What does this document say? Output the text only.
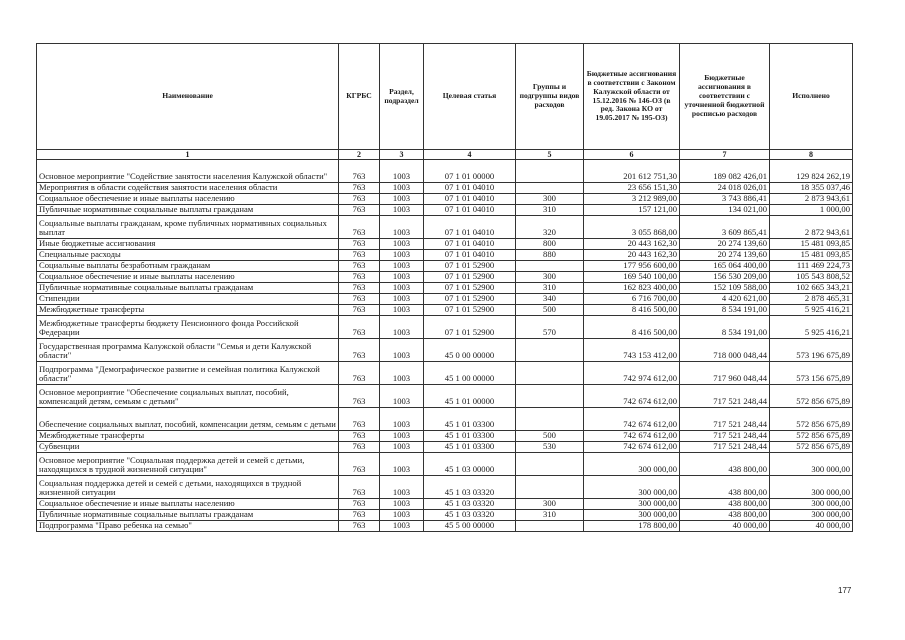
Наименование	КГРБС	Раздел, подраздел	Целевая статья	Группы и подгруппы видов расходов	Бюджетные ассигнования в соответствии с Законом Калужской области от 15.12.2016 № 146-ОЗ (в ред. Закона КО от 19.05.2017 № 195-ОЗ)	Бюджетные ассигнования в соответствии с уточненной бюджетной росписью расходов	Исполнено
1	2	3	4	5	6	7	8
Основное мероприятие "Содействие занятости населения Калужской области"	763	1003	07 1 01 00000		201 612 751,30	189 082 426,01	129 824 262,19
Мероприятия в области содействия занятости населения области	763	1003	07 1 01 04010		23 656 151,30	24 018 026,01	18 355 037,46
Социальное обеспечение и иные выплаты населению	763	1003	07 1 01 04010	300	3 212 989,00	3 743 886,41	2 873 943,61
Публичные нормативные социальные выплаты гражданам	763	1003	07 1 01 04010	310	157 121,00	134 021,00	1 000,00
Социальные выплаты гражданам, кроме публичных нормативных социальных выплат	763	1003	07 1 01 04010	320	3 055 868,00	3 609 865,41	2 872 943,61
Иные бюджетные ассигнования	763	1003	07 1 01 04010	800	20 443 162,30	20 274 139,60	15 481 093,85
Специальные расходы	763	1003	07 1 01 04010	880	20 443 162,30	20 274 139,60	15 481 093,85
Социальные выплаты безработным гражданам	763	1003	07 1 01 52900		177 956 600,00	165 064 400,00	111 469 224,73
Социальное обеспечение и иные выплаты населению	763	1003	07 1 01 52900	300	169 540 100,00	156 530 209,00	105 543 808,52
Публичные нормативные социальные выплаты гражданам	763	1003	07 1 01 52900	310	162 823 400,00	152 109 588,00	102 665 343,21
Стипендии	763	1003	07 1 01 52900	340	6 716 700,00	4 420 621,00	2 878 465,31
Межбюджетные трансферты	763	1003	07 1 01 52900	500	8 416 500,00	8 534 191,00	5 925 416,21
Межбюджетные трансферты бюджету Пенсионного фонда Российской Федерации	763	1003	07 1 01 52900	570	8 416 500,00	8 534 191,00	5 925 416,21
Государственная программа Калужской области "Семья и дети Калужской области"	763	1003	45 0 00 00000		743 153 412,00	718 000 048,44	573 196 675,89
Подпрограмма "Демографическое развитие и семейная политика Калужской области"	763	1003	45 1 00 00000		742 974 612,00	717 960 048,44	573 156 675,89
Основное мероприятие "Обеспечение социальных выплат, пособий, компенсаций детям, семьям с детьми"	763	1003	45 1 01 00000		742 674 612,00	717 521 248,44	572 856 675,89
Обеспечение социальных выплат, пособий, компенсации детям, семьям с детьми	763	1003	45 1 01 03300		742 674 612,00	717 521 248,44	572 856 675,89
Межбюджетные трансферты	763	1003	45 1 01 03300	500	742 674 612,00	717 521 248,44	572 856 675,89
Субвенции	763	1003	45 1 01 03300	530	742 674 612,00	717 521 248,44	572 856 675,89
Основное мероприятие "Социальная поддержка детей и семей с детьми, находящихся в трудной жизненной ситуации"	763	1003	45 1 03 00000		300 000,00	438 800,00	300 000,00
Социальная поддержка детей и семей с детьми, находящихся в трудной жизненной ситуации	763	1003	45 1 03 03320		300 000,00	438 800,00	300 000,00
Социальное обеспечение и иные выплаты населению	763	1003	45 1 03 03320	300	300 000,00	438 800,00	300 000,00
Публичные нормативные социальные выплаты гражданам	763	1003	45 1 03 03320	310	300 000,00	438 800,00	300 000,00
Подпрограмма "Право ребенка на семью"	763	1003	45 5 00 00000		178 800,00	40 000,00	40 000,00
177
